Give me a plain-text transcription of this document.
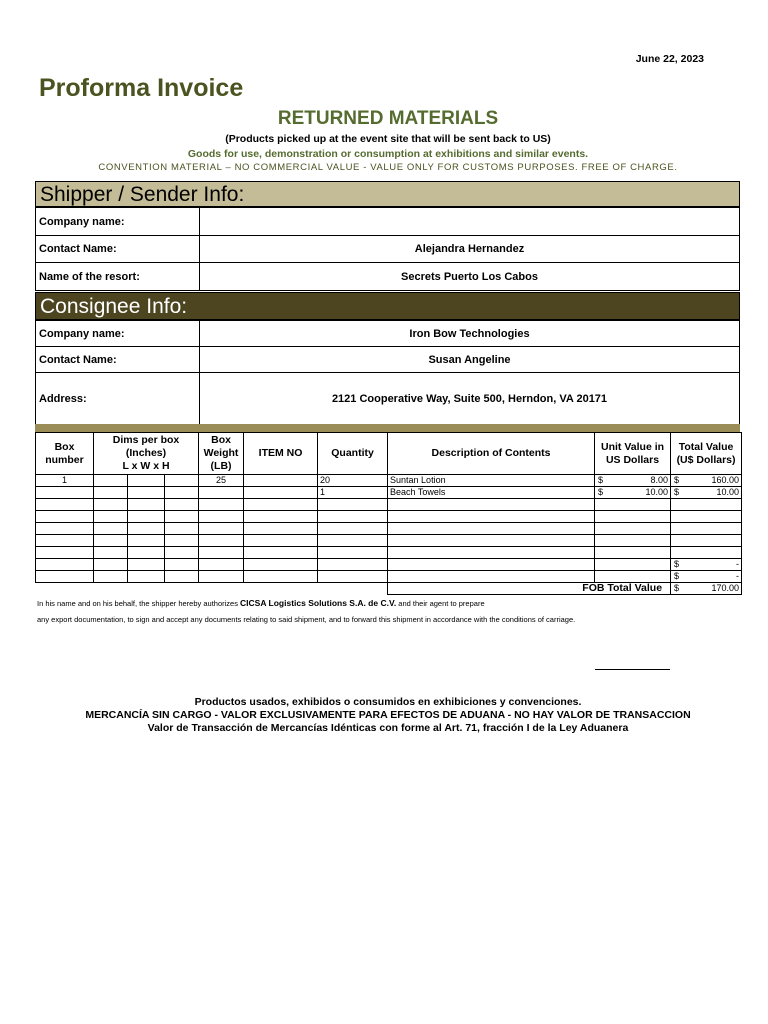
June 22, 2023
Proforma Invoice
RETURNED MATERIALS
(Products picked up at the event site that will be sent back to US)
Goods for use, demonstration or consumption at exhibitions and similar events.
CONVENTION MATERIAL – NO COMMERCIAL VALUE - VALUE ONLY FOR CUSTOMS PURPOSES. FREE OF CHARGE.
Shipper / Sender Info:
Company name:	
Contact Name:	Alejandra Hernandez
Name of the resort:	Secrets Puerto Los Cabos
Consignee Info:
Company name:	Iron Bow Technologies
Contact Name:	Susan Angeline
Address:	2121 Cooperative Way, Suite 500, Herndon, VA 20171
Box
number	Dims per box
(Inches)
L x W x H			Box
Weight
(LB)	ITEM NO	Quantity	Description of Contents	Unit Value in
US Dollars	Total Value
(U$ Dollars)
1				25		20	Suntan Lotion	$ 8.00	$ 160.00

						1	Beach Towels	$ 10.00	$ 10.00

									$ -

									$ -

							FOB Total Value		$ 170.00
In his name and on his behalf, the shipper hereby authorizes CICSA Logistics Solutions S.A. de C.V. and their agent to prepare
any export documentation, to sign and accept any documents relating to said shipment, and to forward this shipment in accordance with the conditions of carriage.
Productos usados, exhibidos o consumidos en exhibiciones y convenciones.
MERCANCÍA SIN CARGO - VALOR EXCLUSIVAMENTE PARA EFECTOS DE ADUANA - NO HAY VALOR DE TRANSACCION
Valor de Transacción de Mercancías Idénticas con forme al Art. 71, fracción I de la Ley Aduanera
